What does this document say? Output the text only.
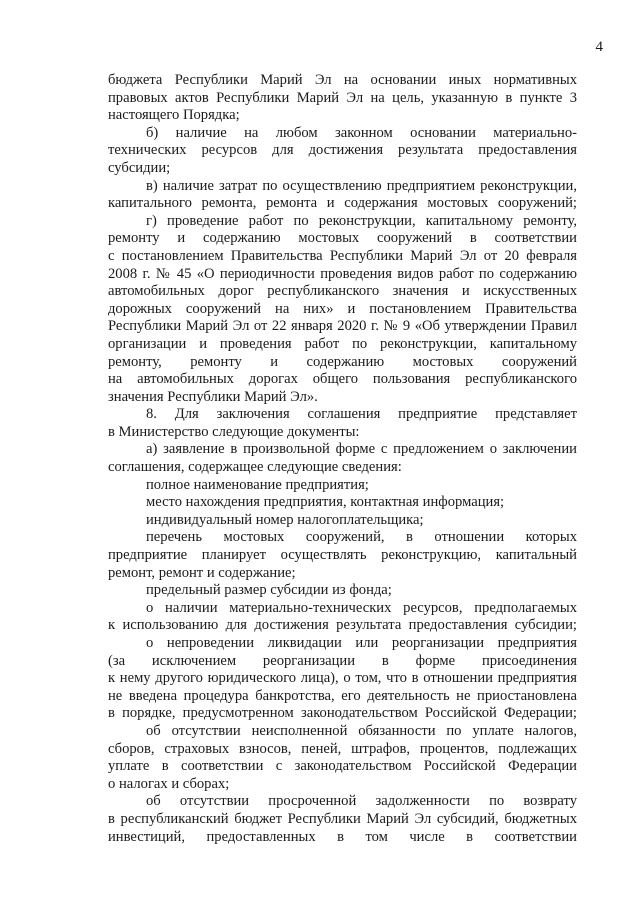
4
бюджета Республики Марий Эл на основании иных нормативных
правовых актов Республики Марий Эл на цель, указанную в пункте 3
настоящего Порядка;
б) наличие на любом законном основании материально-
технических ресурсов для достижения результата предоставления
субсидии;
в) наличие затрат по осуществлению предприятием реконструкции,
капитального ремонта, ремонта и содержания мостовых сооружений;
г) проведение работ по реконструкции, капитальному ремонту,
ремонту и содержанию мостовых сооружений в соответствии
с постановлением Правительства Республики Марий Эл от 20 февраля
2008 г. № 45 «О периодичности проведения видов работ по содержанию
автомобильных дорог республиканского значения и искусственных
дорожных сооружений на них» и постановлением Правительства
Республики Марий Эл от 22 января 2020 г. № 9 «Об утверждении Правил
организации и проведения работ по реконструкции, капитальному
ремонту, ремонту и содержанию мостовых сооружений
на автомобильных дорогах общего пользования республиканского
значения Республики Марий Эл».
8. Для заключения соглашения предприятие представляет
в Министерство следующие документы:
а) заявление в произвольной форме с предложением о заключении
соглашения, содержащее следующие сведения:
полное наименование предприятия;
место нахождения предприятия, контактная информация;
индивидуальный номер налогоплательщика;
перечень мостовых сооружений, в отношении которых
предприятие планирует осуществлять реконструкцию, капитальный
ремонт, ремонт и содержание;
предельный размер субсидии из фонда;
о наличии материально-технических ресурсов, предполагаемых
к использованию для достижения результата предоставления субсидии;
о непроведении ликвидации или реорганизации предприятия
(за исключением реорганизации в форме присоединения
к нему другого юридического лица), о том, что в отношении предприятия
не введена процедура банкротства, его деятельность не приостановлена
в порядке, предусмотренном законодательством Российской Федерации;
об отсутствии неисполненной обязанности по уплате налогов,
сборов, страховых взносов, пеней, штрафов, процентов, подлежащих
уплате в соответствии с законодательством Российской Федерации
о налогах и сборах;
об отсутствии просроченной задолженности по возврату
в республиканский бюджет Республики Марий Эл субсидий, бюджетных
инвестиций, предоставленных в том числе в соответствии
